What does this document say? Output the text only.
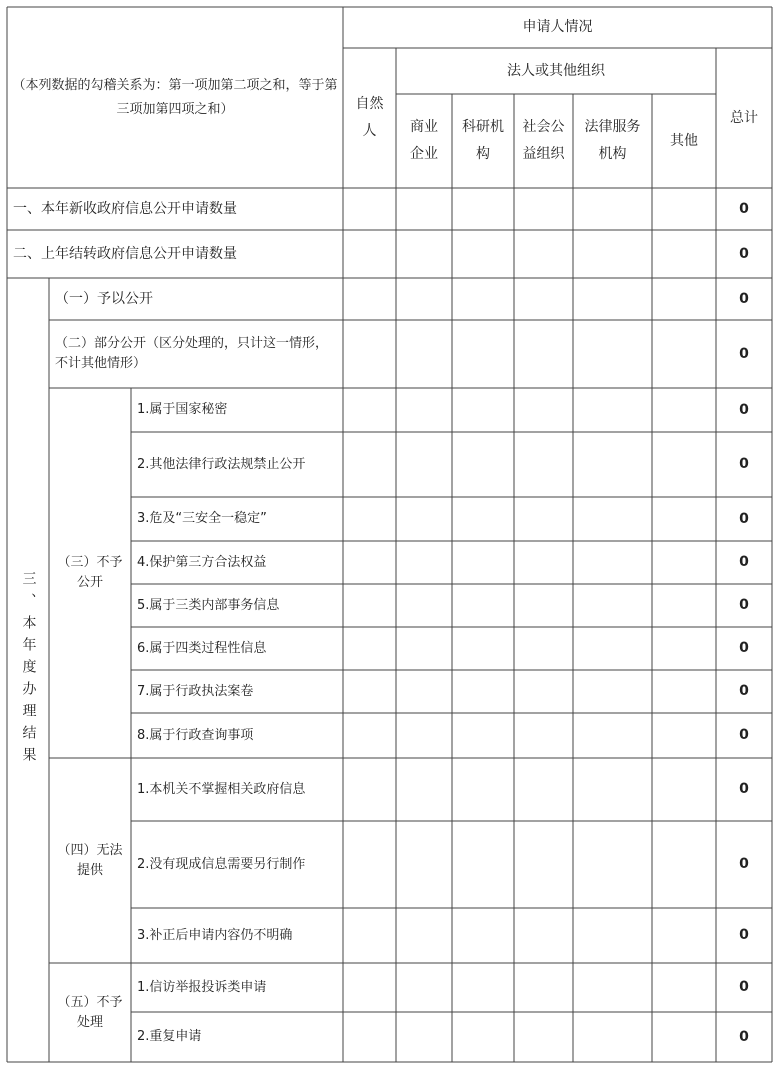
（本列数据的勾稽关系为：第一项加第二项之和，等于第三项加第四项之和）
申请人情况
自然人
法人或其他组织
总计
商业企业
科研机构
社会公益组织
法律服务机构
其他
一、本年新收政府信息公开申请数量
二、上年结转政府信息公开申请数量
三、本年度办理结果
（一）予以公开
（二）部分公开（区分处理的，只计这一情形，不计其他情形）
（三）不予公开
（四）无法提供
（五）不予处理
1.属于国家秘密
2.其他法律行政法规禁止公开
3.危及“三安全一稳定”
4.保护第三方合法权益
5.属于三类内部事务信息
6.属于四类过程性信息
7.属于行政执法案卷
8.属于行政查询事项
1.本机关不掌握相关政府信息
2.没有现成信息需要另行制作
3.补正后申请内容仍不明确
1.信访举报投诉类申请
2.重复申请
0
0
0
0
0
0
0
0
0
0
0
0
0
0
0
0
0
